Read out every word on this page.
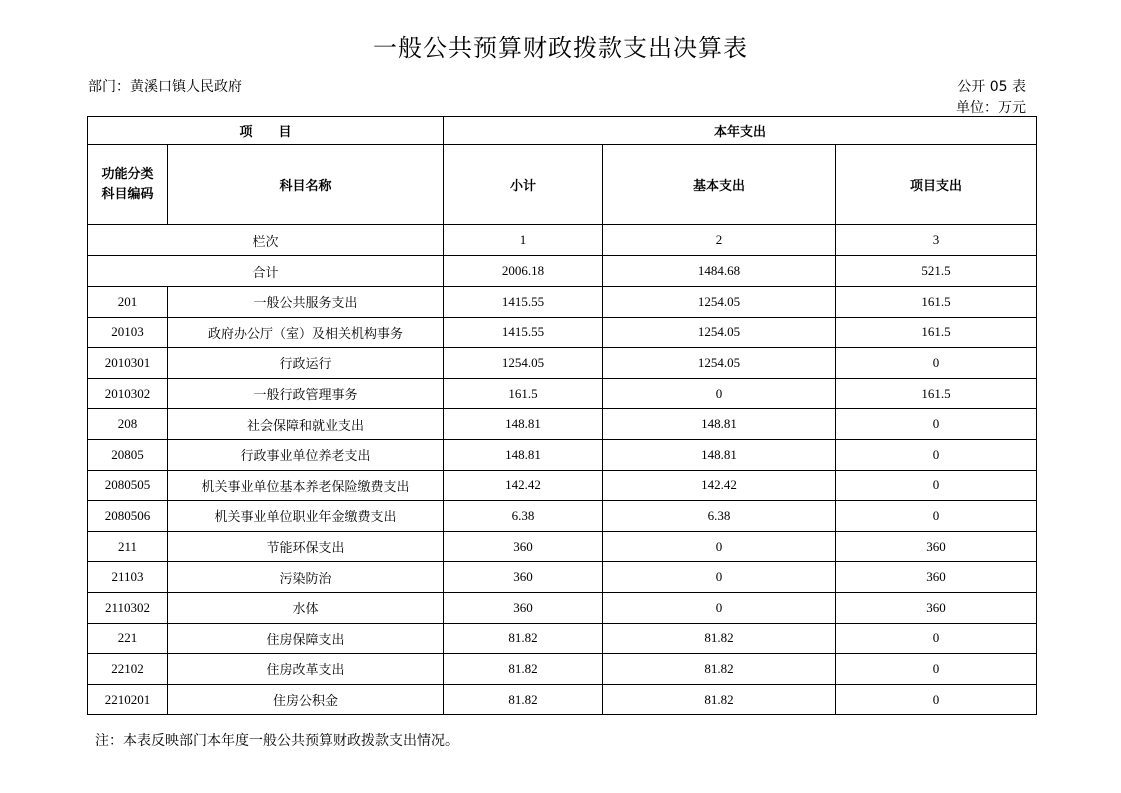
一般公共预算财政拨款支出决算表
部门：黄溪口镇人民政府	公开 05 表
单位：万元
项　　目		本年支出		
功能分类科目编码	科目名称	小计	基本支出	项目支出
栏次		1	2	3
合计		2006.18	1484.68	521.5
201	一般公共服务支出	1415.55	1254.05	161.5
20103	政府办公厅（室）及相关机构事务	1415.55	1254.05	161.5
2010301	行政运行	1254.05	1254.05	0
2010302	一般行政管理事务	161.5	0	161.5
208	社会保障和就业支出	148.81	148.81	0
20805	行政事业单位养老支出	148.81	148.81	0
2080505	机关事业单位基本养老保险缴费支出	142.42	142.42	0
2080506	机关事业单位职业年金缴费支出	6.38	6.38	0
211	节能环保支出	360	0	360
21103	污染防治	360	0	360
2110302	水体	360	0	360
221	住房保障支出	81.82	81.82	0
22102	住房改革支出	81.82	81.82	0
2210201	住房公积金	81.82	81.82	0
注：本表反映部门本年度一般公共预算财政拨款支出情况。
